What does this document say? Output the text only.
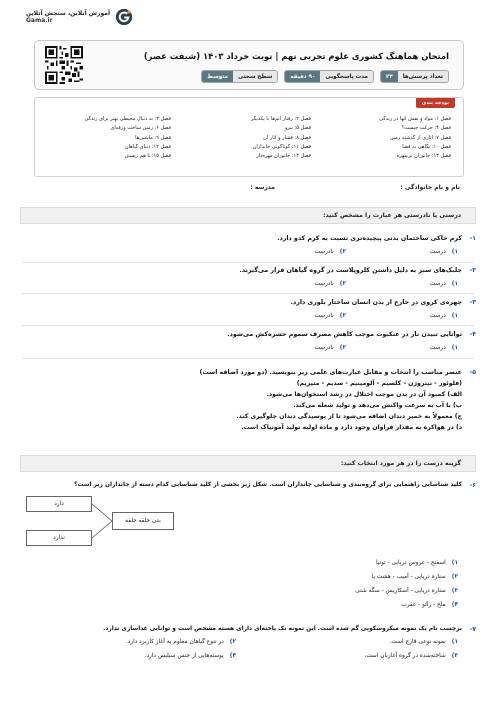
آموزش آنلاین، سنجش آنلاین
Gama.ir
امتحان هماهنگ کشوری علوم تجربی نهم | نوبت خرداد ۱۴۰۳ (شیفت عصر)
تعداد پرسش‌ها
۲۴
مدت پاسخگویی
۹۰ دقیقه
سطح سختی
متوسط
بودجه بندی
فصل ۱: مواد و نقش آنها در زندگی
فصل ۲: رفتار اتم‌ها با یکدیگر
فصل ۳: به دنبال محیطی بهتر برای زندگی
فصل ۴: حرکت چیست؟
فصل ۵: نیرو
فصل ۶: زمین ساخت ورقه‌ای
فصل ۷: آثاری از گذشته زمین
فصل ۸: فشار و آثار آن
فصل ۹: ماشین‌ها
فصل ۱۰: نگاهی به فضا
فصل ۱۱: گوناگونی جانداران
فصل ۱۲: دنیای گیاهان
فصل ۱۳: جانوران بی‌مهره
فصل ۱۴: جانوران مهره‌دار
فصل ۱۵: با هم زیستن
نام و نام خانوادگی :
مدرسه :
درستی یا نادرستی هر عبارت را مشخص کنید:
۱-
کرم خاکی ساختمان بدنی پیچیده‌تری نسبت به کرم کدو دارد.
۱)درست
۲)نادرست
۲-
جلبک‌های سبز به دلیل داشتن کلروپلاست در گروه گیاهان قرار می‌گیرند.
۱)درست
۲)نادرست
۳-
چهره‌ی کروی در خارج از بدن انسان ساختار بلوری دارد.
۱)درست
۲)نادرست
۴-
توانایی تبیدن تار در عنکبوت موجب کاهش مصرف سموم حشره‌کش می‌شود.
۱)درست
۲)نادرست
۵-
عنصر مناسب را انتخاب و مقابل عبارت‌های علمی زیر بنویسید. (دو مورد اضافه است)
(فلوئور - نیتروژن - کلسیم - آلومینیم - سدیم - منیزیم)
الف) کمبود آن در بدن موجب اختلال در رشد استخوان‌ها می‌شود.
ب) با آب به سرعت واکنش می‌دهد و تولید شعله می‌کند.
ج) معمولاً به خمیر دندان اضافه می‌شود تا از پوسیدگی دندان جلوگیری کند.
د) در هواکره به مقدار فراوان وجود دارد و ماده اولیه تولید آمونیاک است.
گزینه درست را در هر مورد انتخاب کنید:
۶-
کلید شناسایی راهنمایی برای گروه‌بندی و شناسایی جانداران است. شکل زیر بخشی از کلید شناسایی کدام دسته از جانداران زیر است؟
۱)اسفنج - عروس دریایی - توتیا
۲)ستاره دریایی - آمیب - هشت پا
۳)ستاره دریایی - آسکاریس - سگه شنی
۴)ملخ - زالو - عقرب
بدن حلقه حلقه
دارد
ندارد
۷-
برچسب نام یک نمونه میکروسکوپی گم شده است. این نمونه تک یاخته‌ای دارای هسته مشخص است و توانایی غذاسازی ندارد.
۱)نمونه نوعی قارچ است.
۲)در تنوع گیاهان معلوم به آغاز کاربرد دارد.
۳)شاخته‌شده در گروه آغازیان است.
۴)پوسته‌هایی از جنس سیلیس دارد.
